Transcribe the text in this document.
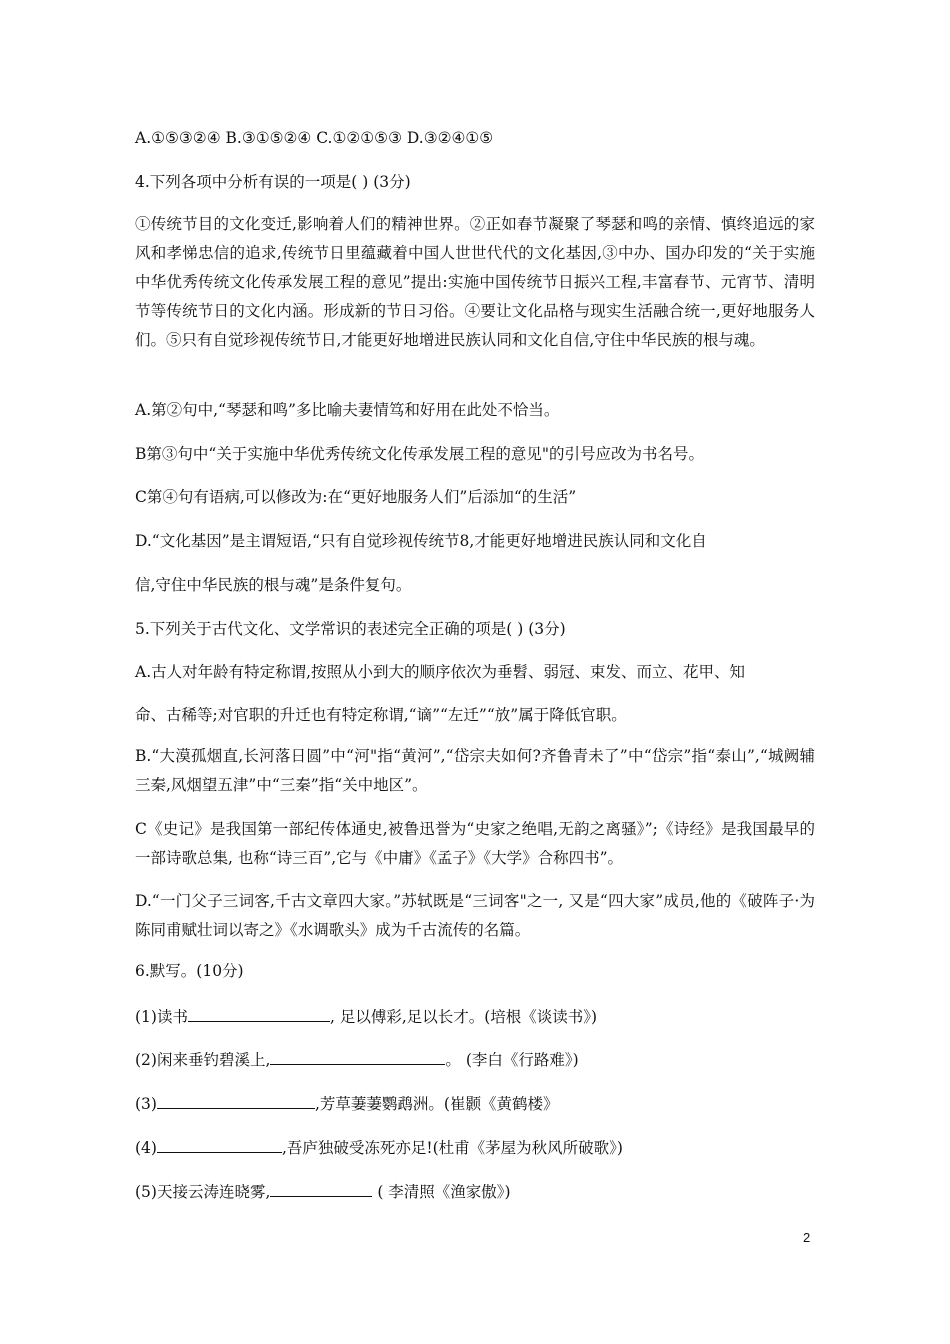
A.①⑤③②④ B.③①⑤②④ C.①②①⑤③ D.③②④①⑤
4.下列各项中分析有误的一项是( ) (3分)
①传统节目的文化变迁,影响着人们的精神世界。②正如春节凝聚了琴瑟和鸣的亲情、慎终追远的家风和孝悌忠信的追求,传统节日里蕴藏着中国人世世代代的文化基因,③中办、国办印发的“关于实施中华优秀传统文化传承发展工程的意见”提出:实施中国传统节日振兴工程,丰富春节、元宵节、清明节等传统节日的文化内涵。形成新的节日习俗。④要让文化品格与现实生活融合统一,更好地服务人们。⑤只有自觉珍视传统节日,才能更好地增进民族认同和文化自信,守住中华民族的根与魂。
A.第②句中,“琴瑟和鸣”多比喻夫妻情笃和好用在此处不恰当。
B第③句中“关于实施中华优秀传统文化传承发展工程的意见"的引号应改为书名号。
C第④句有语病,可以修改为:在“更好地服务人们”后添加“的生活”
D.“文化基因”是主谓短语,“只有自觉珍视传统节8,才能更好地增进民族认同和文化自
信,守住中华民族的根与魂”是条件复句。
5.下列关于古代文化、文学常识的表述完全正确的项是( ) (3分)
A.古人对年龄有特定称谓,按照从小到大的顺序依次为垂髫、弱冠、束发、而立、花甲、知
命、古稀等;对官职的升迁也有特定称谓,“谪”“左迁”“放”属于降低官职。
B.“大漠孤烟直,长河落日圆”中“河"指“黄河”,“岱宗夫如何?齐鲁青未了”中“岱宗”指“泰山”,“城阙辅三秦,风烟望五津”中“三秦”指“关中地区”。
C《史记》是我国第一部纪传体通史,被鲁迅誉为“史家之绝唱,无韵之离骚》”;《诗经》是我国最早的一部诗歌总集, 也称“诗三百”,它与《中庸》《孟子》《大学》合称四书”。
D.“一门父子三词客,千古文章四大家。”苏轼既是“三词客"之一, 又是“四大家”成员,他的《破阵子·为陈同甫赋壮词以寄之》《水调歌头》成为千古流传的名篇。
6.默写。(10分)
(1)读书	, 足以傅彩,足以长才。(培根《谈读书》)
(2)闲来垂钓碧溪上,	。 (李白《行路难》)
(3)	,芳草萋萋鹦鹉洲。(崔颢《黄鹤楼》
(4)	,吾庐独破受冻死亦足!(杜甫《茅屋为秋风所破歌》)
(5)天接云涛连晓雾,	( 李清照《渔家傲》)
2
